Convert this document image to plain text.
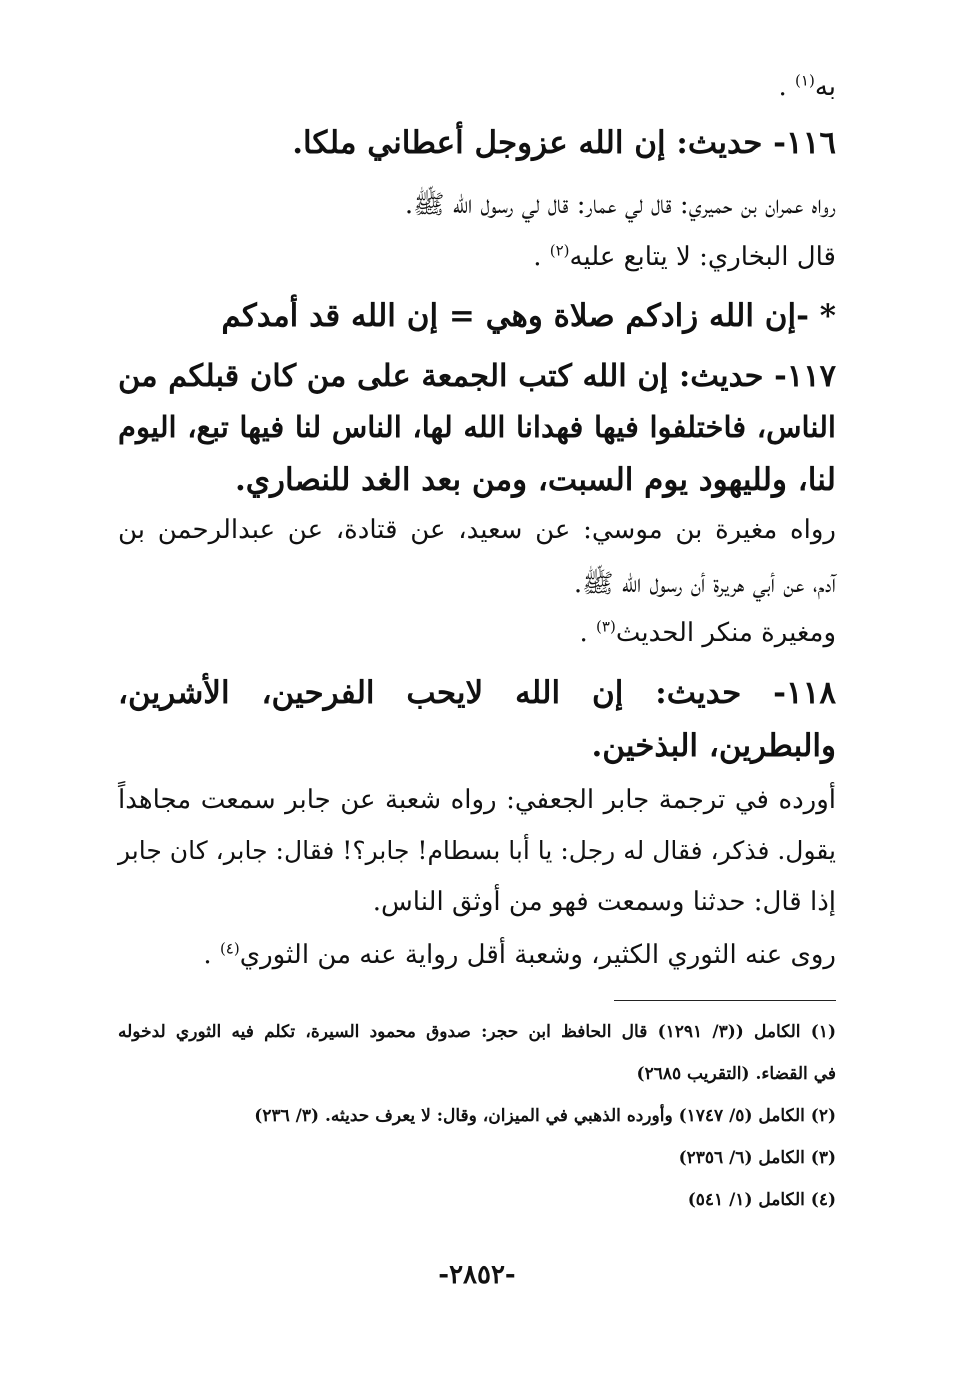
به$^{(١)}$ .
١١٦- حديث: إن الله عزوجل أعطاني ملكا.
رواه عمران بن حميري: قال لي عمار: قال لي رسول الله ﷺ.
قال البخاري: لا يتابع عليه$^{(٢)}$ .
* -إن الله زادكم صلاة وهي = إن الله قد أمدكم
١١٧- حديث: إن الله كتب الجمعة على من كان قبلكم من
الناس، فاختلفوا فيها فهدانا الله لها، الناس لنا فيها تبع، اليوم
لنا، ولليهود يوم السبت، ومن بعد الغد للنصاري.
رواه مغيرة بن موسي: عن سعيد، عن قتادة، عن عبدالرحمن بن
آدم، عن أبي هريرة أن رسول الله ﷺ.
ومغيرة منكر الحديث$^{(٣)}$ .
١١٨- حديث: إن الله لايحب الفرحين، الأشرين،
والبطرين، البذخين.
أورده في ترجمة جابر الجعفي: رواه شعبة عن جابر سمعت مجاهداً
يقول. فذكر، فقال له رجل: يا أبا بسطام! جابر؟! فقال: جابر، كان جابر
إذا قال: حدثنا وسمعت فهو من أوثق الناس.
روى عنه الثوري الكثير، وشعبة أقل رواية عنه من الثوري$^{(٤)}$ .
(١) الكامل ((٣/ ١٢٩١) قال الحافظ ابن حجر: صدوق محمود السيرة، تكلم فيه الثوري لدخوله
في القضاء. (التقريب ٢٦٨٥)
(٢) الكامل (٥/ ١٧٤٧) وأورده الذهبي في الميزان، وقال: لا يعرف حديثه. (٣/ ٢٣٦)
(٣) الكامل (٦/ ٢٣٥٦)
(٤) الكامل (١/ ٥٤١)
-٢٨٥٢-
